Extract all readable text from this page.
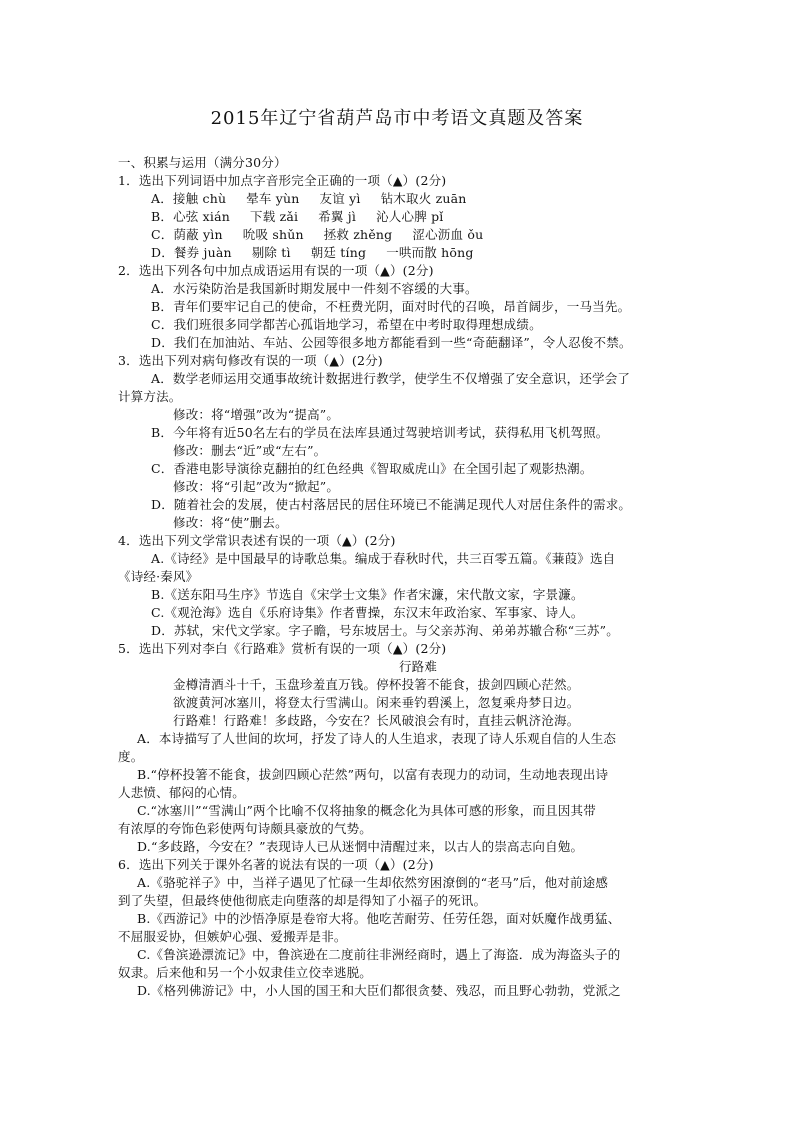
2015年辽宁省葫芦岛市中考语文真题及答案
一、积累与运用（满分30分）
1．选出下列词语中加点字音形完全正确的一项（▲）(2分)
A．接触 chù 晕车 yùn 友谊 yì 钻木取火 zuān
B．心弦 xián 下载 zǎi 希翼 jì 沁人心脾 pǐ
C．荫蔽 yìn 吮吸 shǔn 拯救 zhěng 涩心沥血 ǒu
D．餐券 juàn 剔除 tì 朝廷 tíng 一哄而散 hōng
2．选出下列各句中加点成语运用有误的一项（▲）(2分)
A．水污染防治是我国新时期发展中一件刻不容缓的大事。
B．青年们要牢记自己的使命，不枉费光阴，面对时代的召唤，昂首阔步，一马当先。
C．我们班很多同学都苦心孤诣地学习，希望在中考时取得理想成绩。
D．我们在加油站、车站、公园等很多地方都能看到一些“奇葩翻译”，令人忍俊不禁。
3．选出下列对病句修改有误的一项（▲）(2分)
A．数学老师运用交通事故统计数据进行教学，使学生不仅增强了安全意识，还学会了
计算方法。
修改：将“增强”改为“提高”。
B．今年将有近50名左右的学员在法库县通过驾驶培训考试，获得私用飞机驾照。
修改：删去“近”或“左右”。
C．香港电影导演徐克翻拍的红色经典《智取威虎山》在全国引起了观影热潮。
修改：将“引起”改为“掀起”。
D．随着社会的发展，使古村落居民的居住环境已不能满足现代人对居住条件的需求。
修改：将“使”删去。
4．选出下列文学常识表述有误的一项（▲）(2分)
A.《诗经》是中国最早的诗歌总集。编成于春秋时代，共三百零五篇。《蒹葭》选自
《诗经·秦风》
B.《送东阳马生序》节选自《宋学士文集》作者宋濂，宋代散文家，字景濂。
C.《观沧海》选自《乐府诗集》作者曹操，东汉末年政治家、军事家、诗人。
D．苏轼，宋代文学家。字子瞻，号东坡居士。与父亲苏洵、弟弟苏辙合称“三苏”。
5．选出下列对李白《行路难》赏析有误的一项（▲）(2分)
行路难
金樽清酒斗十千，玉盘珍羞直万钱。停杯投箸不能食，拔剑四顾心茫然。
欲渡黄河冰塞川，将登太行雪满山。闲来垂钓碧溪上，忽复乘舟梦日边。
行路难！行路难！多歧路，今安在？长风破浪会有时，直挂云帆济沧海。
A．本诗描写了人世间的坎坷，抒发了诗人的人生追求，表现了诗人乐观自信的人生态
度。
B.“停杯投箸不能食，拔剑四顾心茫然”两句，以富有表现力的动词，生动地表现出诗
人悲愤、郁闷的心情。
C.“冰塞川”“雪满山”两个比喻不仅将抽象的概念化为具体可感的形象，而且因其带
有浓厚的夸饰色彩使两句诗颇具豪放的气势。
D.“多歧路，今安在？”表现诗人已从迷惘中清醒过来，以古人的崇高志向自勉。
6．选出下列关于课外名著的说法有误的一项（▲）(2分)
A.《骆驼祥子》中，当祥子遇见了忙碌一生却依然穷困潦倒的“老马”后，他对前途感
到了失望，但最终使他彻底走向堕落的却是得知了小福子的死讯。
B.《西游记》中的沙悟净原是卷帘大将。他吃苦耐劳、任劳任怨，面对妖魔作战勇猛、
不屈服妥协，但嫉妒心强、爱搬弄是非。
C.《鲁滨逊漂流记》中，鲁滨逊在二度前往非洲经商时，遇上了海盗．成为海盗头子的
奴隶。后来他和另一个小奴隶佳立佼幸逃脱。
D.《格列佛游记》中，小人国的国王和大臣们都很贪婪、残忍，而且野心勃勃，党派之
